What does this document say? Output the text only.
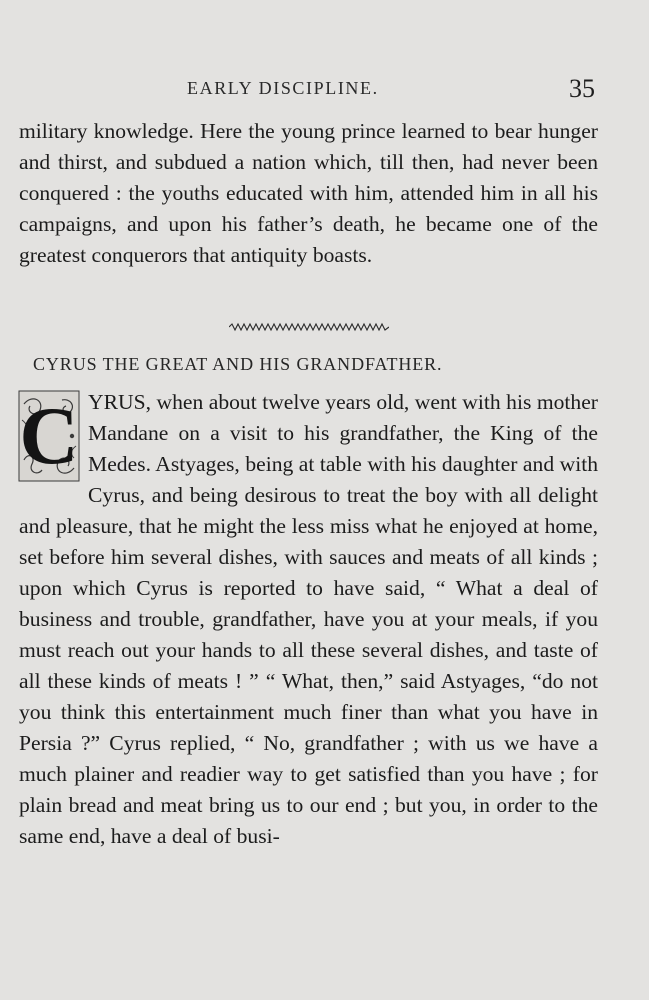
EARLY DISCIPLINE.	35

military knowledge. Here the young prince learned to bear hunger and thirst, and subdued a nation which, till then, had never been conquered : the youths educated with him, attended him in all his campaigns, and upon his father’s death, he became one of the greatest conquerors that antiquity boasts.

CYRUS THE GREAT AND HIS GRANDFATHER.

C YRUS, when about twelve years old, went with his mother Mandane on a visit to his grandfather, the King of the Medes. Astyages, being at table with his daughter and with Cyrus, and being desirous to treat the boy with all delight and pleasure, that he might the less miss what he enjoyed at home, set before him several dishes, with sauces and meats of all kinds ; upon which Cyrus is reported to have said, “ What a deal of business and trouble, grandfather, have you at your meals, if you must reach out your hands to all these several dishes, and taste of all these kinds of meats ! ” “ What, then,” said Astyages, “do not you think this entertainment much finer than what you have in Persia ?” Cyrus replied, “ No, grandfather ; with us we have a much plainer and readier way to get satisfied than you have ; for plain bread and meat bring us to our end ; but you, in order to the same end, have a deal of busi-
